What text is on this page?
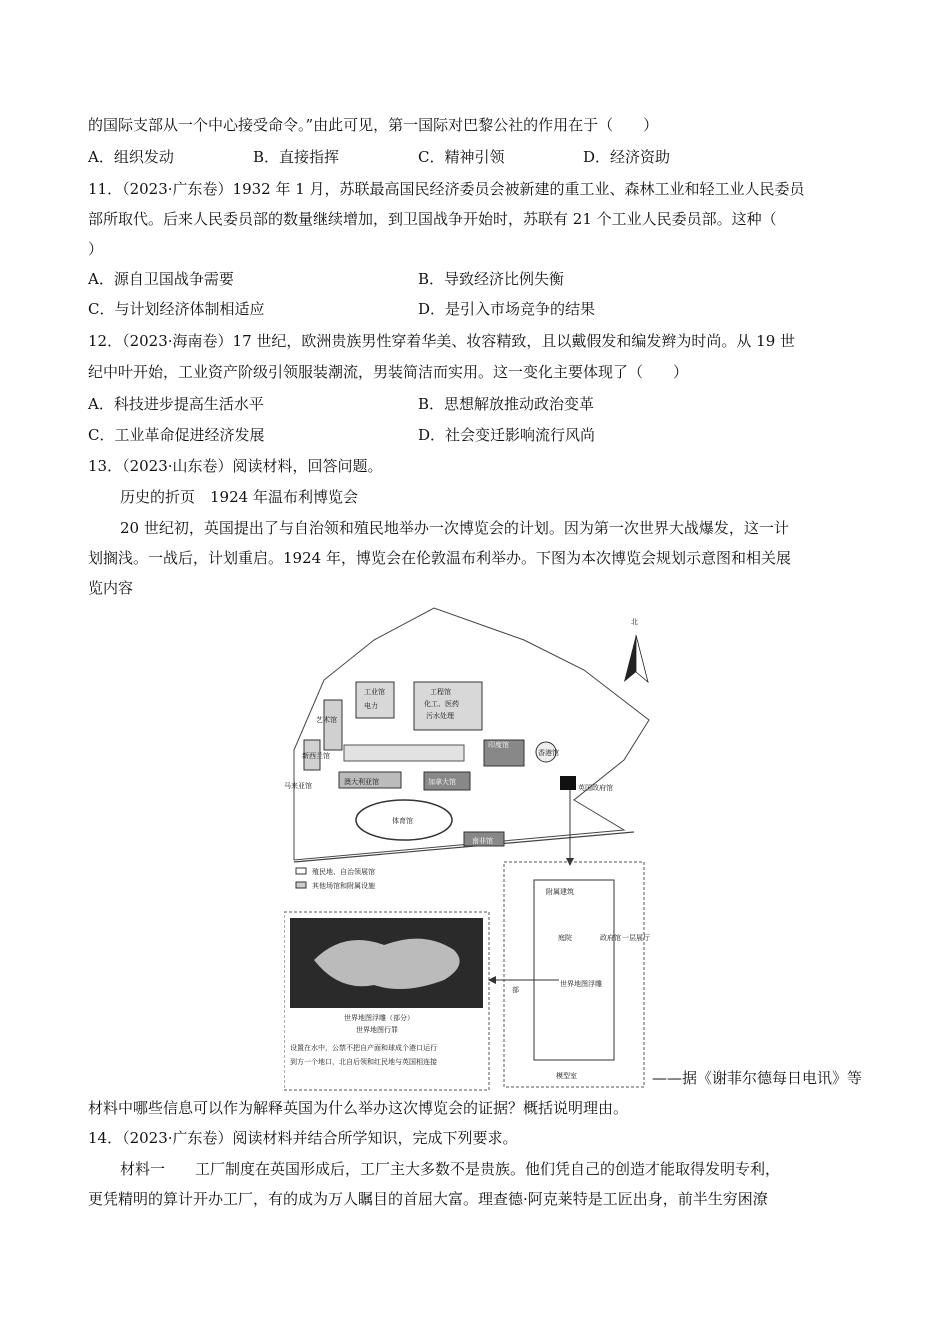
的国际支部从一个中心接受命令。”由此可见，第一国际对巴黎公社的作用在于（　　）
A．组织发动	B．直接指挥	C．精神引领	D．经济资助
11．（2023·广东卷）1932 年 1 月，苏联最高国民经济委员会被新建的重工业、森林工业和轻工业人民委员
部所取代。后来人民委员部的数量继续增加，到卫国战争开始时，苏联有 21 个工业人民委员部。这种（
）
A．源自卫国战争需要	B．导致经济比例失衡
C．与计划经济体制相适应	D．是引入市场竞争的结果
12．（2023·海南卷）17 世纪，欧洲贵族男性穿着华美、妆容精致，且以戴假发和编发辫为时尚。从 19 世
纪中叶开始，工业资产阶级引领服装潮流，男装简洁而实用。这一变化主要体现了（　　）
A．科技进步提高生活水平	B．思想解放推动政治变革
C．工业革命促进经济发展	D．社会变迁影响流行风尚
13．（2023·山东卷）阅读材料，回答问题。
历史的折页　1924 年温布利博览会
20 世纪初，英国提出了与自治领和殖民地举办一次博览会的计划。因为第一次世界大战爆发，这一计
划搁浅。一战后，计划重启。1924 年，博览会在伦敦温布利举办。下图为本次博览会规划示意图和相关展
览内容
北
工业馆
电力
工程馆
化工、医药
污水处理
艺术馆
新西兰馆
印度馆
澳大利亚馆	加拿大馆
香港馆
马来亚馆	英国政府馆
体育馆
南非馆
殖民地、自治领展馆
其他场馆和附属设施
附属建筑
庭院	政府馆 一层展厅
世界地图浮雕
部
模型室
世界地图浮雕（部分）
世界地图行罪
设置在水中，公禁不把自产面和球成个港口运行
到方一个地口，北自后领和红民地与英国相连接
——据《谢菲尔德每日电讯》等
材料中哪些信息可以作为解释英国为什么举办这次博览会的证据？概括说明理由。
14．（2023·广东卷）阅读材料并结合所学知识，完成下列要求。
材料一　　工厂制度在英国形成后，工厂主大多数不是贵族。他们凭自己的创造才能取得发明专利，
更凭精明的算计开办工厂，有的成为万人瞩目的首屈大富。理查德·阿克莱特是工匠出身，前半生穷困潦
